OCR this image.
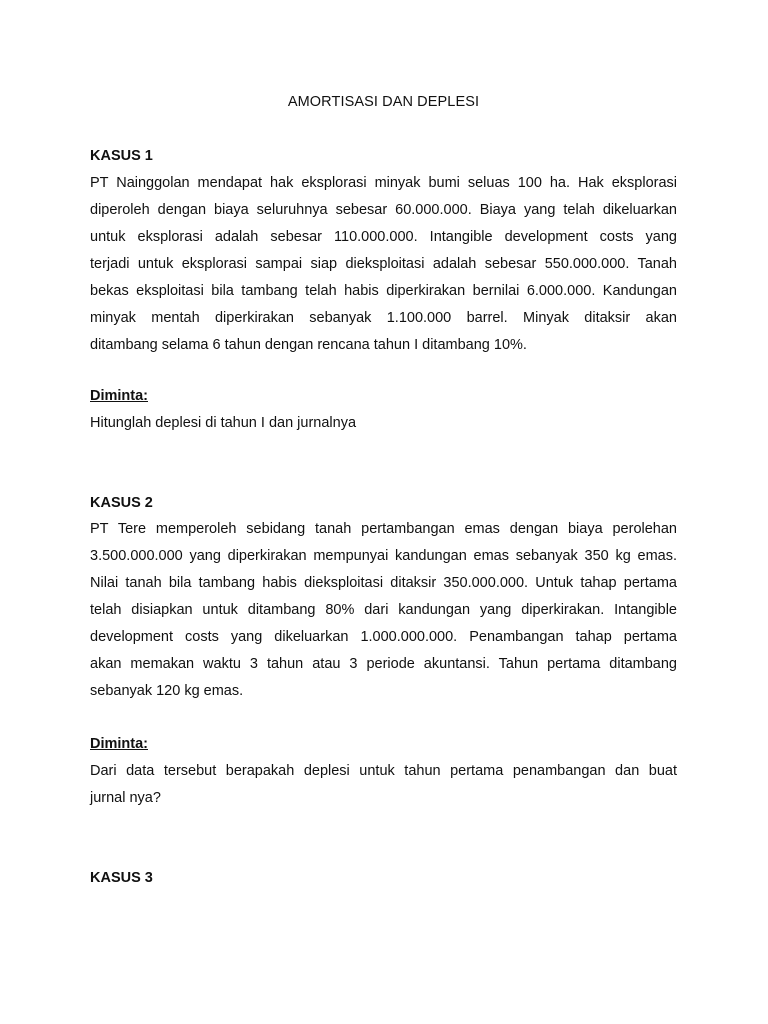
AMORTISASI DAN DEPLESI
KASUS 1
PT Nainggolan mendapat hak eksplorasi minyak bumi seluas 100 ha. Hak eksplorasi
diperoleh dengan biaya seluruhnya sebesar 60.000.000. Biaya yang telah dikeluarkan
untuk eksplorasi adalah sebesar 110.000.000. Intangible development costs yang
terjadi untuk eksplorasi sampai siap dieksploitasi adalah sebesar 550.000.000. Tanah
bekas eksploitasi bila tambang telah habis diperkirakan bernilai 6.000.000. Kandungan
minyak mentah diperkirakan sebanyak 1.100.000 barrel. Minyak ditaksir akan
ditambang selama 6 tahun dengan rencana tahun I ditambang 10%.
Diminta:
Hitunglah deplesi di tahun I dan jurnalnya
KASUS 2
PT Tere memperoleh sebidang tanah pertambangan emas dengan biaya perolehan
3.500.000.000 yang diperkirakan mempunyai kandungan emas sebanyak 350 kg emas.
Nilai tanah bila tambang habis dieksploitasi ditaksir 350.000.000. Untuk tahap pertama
telah disiapkan untuk ditambang 80% dari kandungan yang diperkirakan. Intangible
development costs yang dikeluarkan 1.000.000.000. Penambangan tahap pertama
akan memakan waktu 3 tahun atau 3 periode akuntansi. Tahun pertama ditambang
sebanyak 120 kg emas.
Diminta:
Dari data tersebut berapakah deplesi untuk tahun pertama penambangan dan buat
jurnal nya?
KASUS 3
